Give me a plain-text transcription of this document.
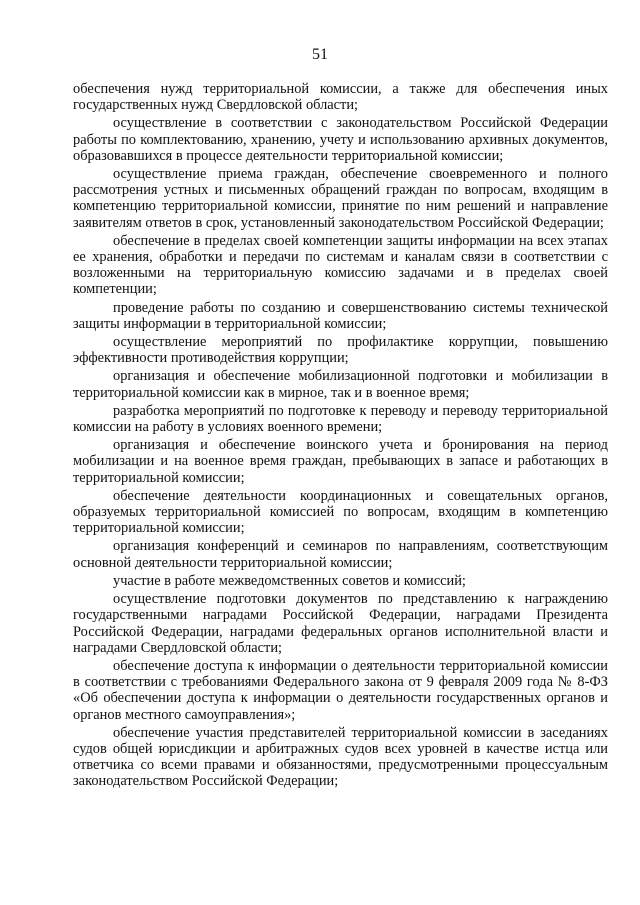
51

обеспечения нужд территориальной комиссии, а также для обеспечения иных государственных нужд Свердловской области;

осуществление в соответствии с законодательством Российской Федерации работы по комплектованию, хранению, учету и использованию архивных документов, образовавшихся в процессе деятельности территориальной комиссии;

осуществление приема граждан, обеспечение своевременного и полного рассмотрения устных и письменных обращений граждан по вопросам, входящим в компетенцию территориальной комиссии, принятие по ним решений и направление заявителям ответов в срок, установленный законодательством Российской Федерации;

обеспечение в пределах своей компетенции защиты информации на всех этапах ее хранения, обработки и передачи по системам и каналам связи в соответствии с возложенными на территориальную комиссию задачами и в пределах своей компетенции;

проведение работы по созданию и совершенствованию системы технической защиты информации в территориальной комиссии;

осуществление мероприятий по профилактике коррупции, повышению эффективности противодействия коррупции;

организация и обеспечение мобилизационной подготовки и мобилизации в территориальной комиссии как в мирное, так и в военное время;

разработка мероприятий по подготовке к переводу и переводу территориальной комиссии на работу в условиях военного времени;

организация и обеспечение воинского учета и бронирования на период мобилизации и на военное время граждан, пребывающих в запасе и работающих в территориальной комиссии;

обеспечение деятельности координационных и совещательных органов, образуемых территориальной комиссией по вопросам, входящим в компетенцию территориальной комиссии;

организация конференций и семинаров по направлениям, соответствующим основной деятельности территориальной комиссии;

участие в работе межведомственных советов и комиссий;

осуществление подготовки документов по представлению к награждению государственными наградами Российской Федерации, наградами Президента Российской Федерации, наградами федеральных органов исполнительной власти и наградами Свердловской области;

обеспечение доступа к информации о деятельности территориальной комиссии в соответствии с требованиями Федерального закона от 9 февраля 2009 года № 8-ФЗ «Об обеспечении доступа к информации о деятельности государственных органов и органов местного самоуправления»;

обеспечение участия представителей территориальной комиссии в заседаниях судов общей юрисдикции и арбитражных судов всех уровней в качестве истца или ответчика со всеми правами и обязанностями, предусмотренными процессуальным законодательством Российской Федерации;
